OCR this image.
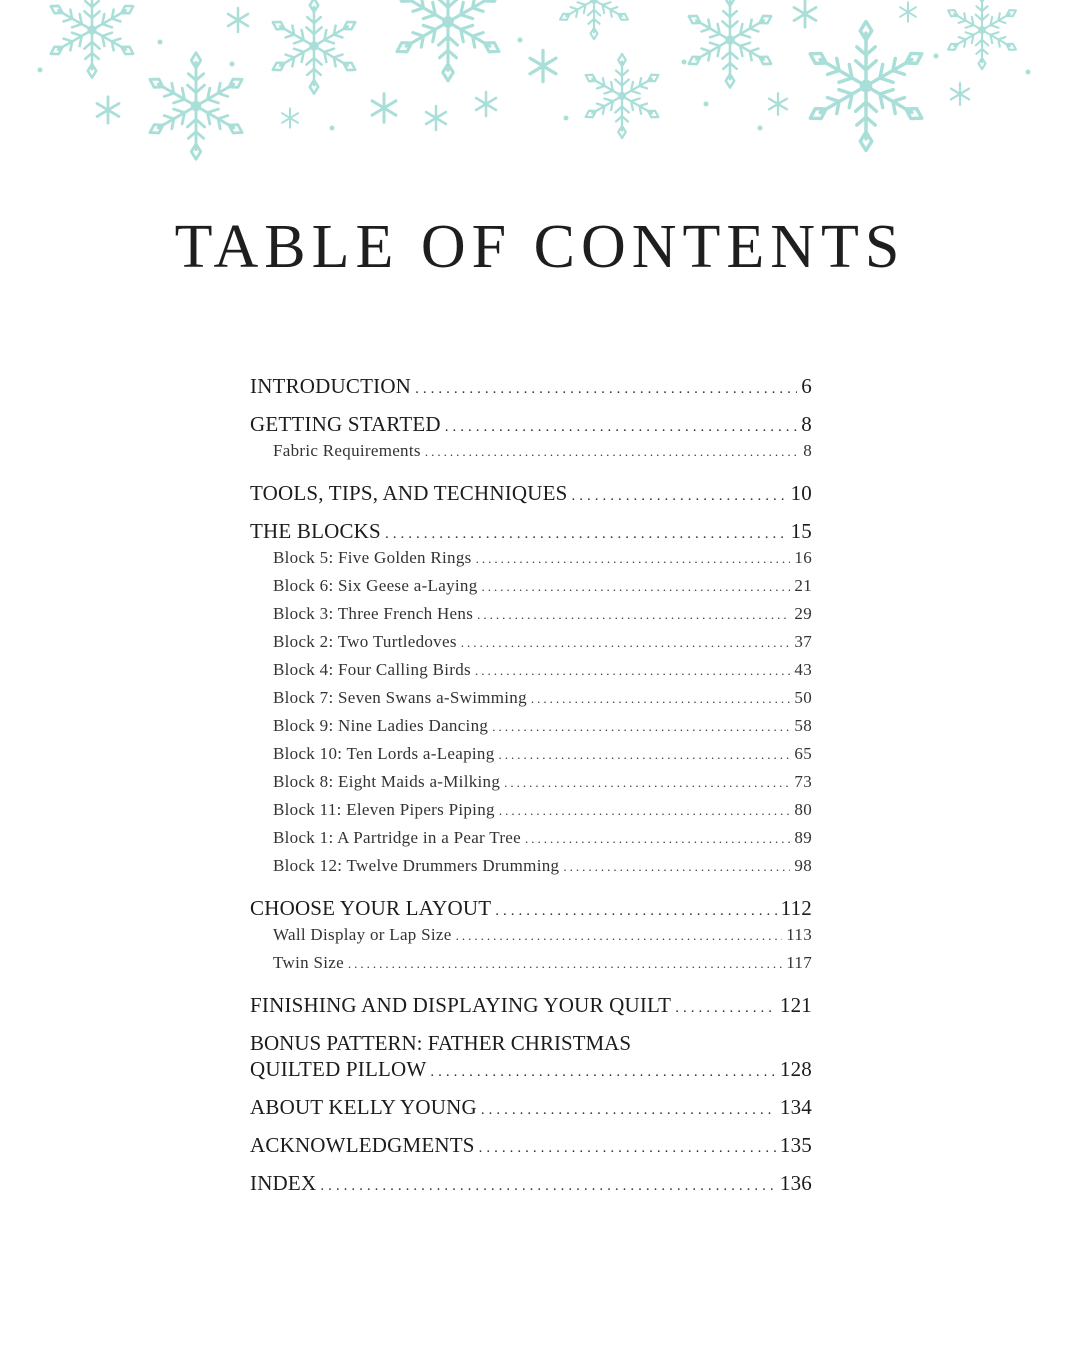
TABLE OF CONTENTS
INTRODUCTION .....	6
GETTING STARTED .....	8
Fabric Requirements .....	8
TOOLS, TIPS, AND TECHNIQUES .....	10
THE BLOCKS .....	15
Block 5: Five Golden Rings .....	16
Block 6: Six Geese a-Laying .....	21
Block 3: Three French Hens .....	29
Block 2: Two Turtledoves .....	37
Block 4: Four Calling Birds .....	43
Block 7: Seven Swans a-Swimming .....	50
Block 9: Nine Ladies Dancing .....	58
Block 10: Ten Lords a-Leaping .....	65
Block 8: Eight Maids a-Milking .....	73
Block 11: Eleven Pipers Piping .....	80
Block 1: A Partridge in a Pear Tree .....	89
Block 12: Twelve Drummers Drumming .....	98
CHOOSE YOUR LAYOUT .....	112
Wall Display or Lap Size .....	113
Twin Size .....	117
FINISHING AND DISPLAYING YOUR QUILT .....	121
BONUS PATTERN: FATHER CHRISTMAS
QUILTED PILLOW .....	128
ABOUT KELLY YOUNG .....	134
ACKNOWLEDGMENTS .....	135
INDEX .....	136
